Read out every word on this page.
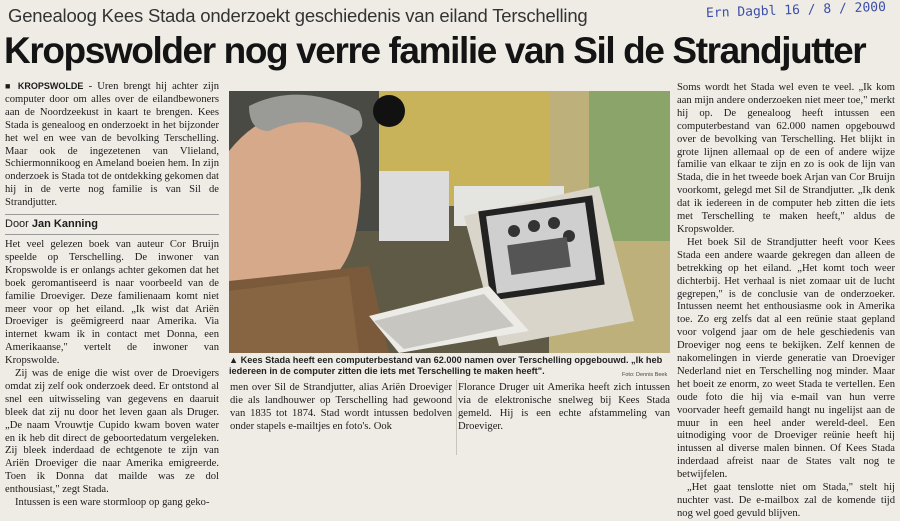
Genealoog Kees Stada onderzoekt geschiedenis van eiland Terschelling	Ern Dagbl 16 / 8 / 2000
Kropswolder nog verre familie van Sil de Strandjutter

■ KROPSWOLDE - Uren brengt hij achter zijn computer door om alles over de eilandbewoners aan de Noordzeekust in kaart te brengen. Kees Stada is genealoog en onderzoekt in het bijzonder het wel en wee van de bevolking Terschelling. Maar ook de ingezetenen van Vlieland, Schiermonnikoog en Ameland boeien hem. In zijn onderzoek is Stada tot de ontdekking gekomen dat hij in de verte nog familie is van Sil de Strandjutter.

Door Jan Kanning

Het veel gelezen boek van auteur Cor Bruijn speelde op Terschelling. De inwoner van Kropswolde is er onlangs achter gekomen dat het boek geromantiseerd is naar voorbeeld van de familie Droeviger. Deze familienaam komt niet meer voor op het eiland. „Ik wist dat Ariën Droeviger is geëmigreerd naar Amerika. Via internet kwam ik in contact met Donna, een Amerikaanse," vertelt de inwoner van Kropswolde.

Zij was de enige die wist over de Droevigers omdat zij zelf ook onderzoek deed. Er ontstond al snel een uitwisseling van gegevens en daaruit bleek dat zij nu door het leven gaan als Druger. „De naam Vrouwtje Cupido kwam boven water en ik heb dit direct de geboortedatum vergeleken. Zij bleek inderdaad de echtgenote te zijn van Ariën Droeviger die naar Amerika emigreerde. Toen ik Donna dat mailde was ze dol enthousiast," zegt Stada.

Intussen is een ware stormloop op gang geko-

▲ Kees Stada heeft een computerbestand van 62.000 namen over Terschelling opgebouwd. „Ik heb iedereen in de computer zitten die iets met Terschelling te maken heeft".	Foto: Dennis Beek

men over Sil de Strandjutter, alias Ariën Droeviger die als landhouwer op Terschelling had gewoond van 1835 tot 1874. Stad wordt intussen bedolven onder stapels e-mailtjes en foto's. Ook

Florance Druger uit Amerika heeft zich intussen via de elektronische snelweg bij Kees Stada gemeld. Hij is een echte afstammeling van Droeviger.

Soms wordt het Stada wel even te veel. „Ik kom aan mijn andere onderzoeken niet meer toe," merkt hij op. De genealoog heeft intussen een computerbestand van 62.000 namen opgebouwd over de bevolking van Terschelling. Het blijkt in grote lijnen allemaal op de een of andere wijze familie van elkaar te zijn en zo is ook de lijn van Stada, die in het tweede boek Arjan van Cor Bruijn voorkomt, gelegd met Sil de Strandjutter. „Ik denk dat ik iedereen in de computer heb zitten die iets met Terschelling te maken heeft," aldus de Kropswolder.

Het boek Sil de Strandjutter heeft voor Kees Stada een andere waarde gekregen dan alleen de betrekking op het eiland. „Het komt toch weer dichterbij. Het verhaal is niet zomaar uit de lucht gegrepen," is de conclusie van de onderzoeker. Intussen neemt het enthousiasme ook in Amerika toe. Zo erg zelfs dat al een reünie staat gepland voor volgend jaar om de hele geschiedenis van Droeviger nog eens te bekijken. Zelf kennen de nakomelingen in vierde generatie van Droeviger Nederland niet en Terschelling nog minder. Maar het boeit ze enorm, zo weet Stada te vertellen. Een oude foto die hij via e-mail van hun verre voorvader heeft gemaild hangt nu ingelijst aan de muur in een heel ander wereld-deel. Een uitnodiging voor de Droeviger reünie heeft hij intussen al diverse malen binnen. Of Kees Stada inderdaad afreist naar de States valt nog te betwijfelen.

„Het gaat tenslotte niet om Stada," stelt hij nuchter vast. De e-mailbox zal de komende tijd nog wel goed gevuld blijven.
